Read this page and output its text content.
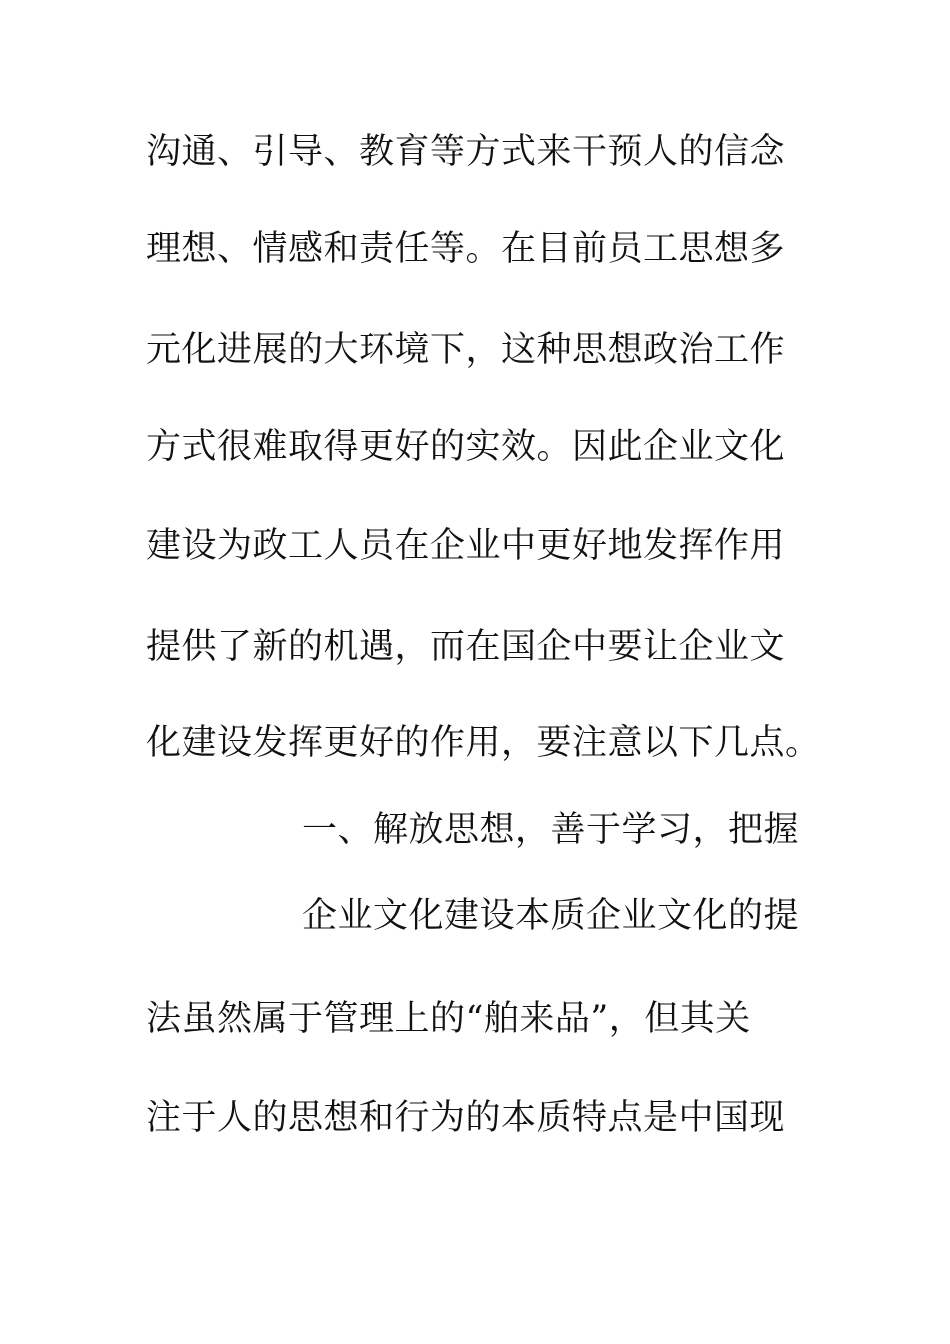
沟通、引导、教育等方式来干预人的信念
理想、情感和责任等。在目前员工思想多
元化进展的大环境下，这种思想政治工作
方式很难取得更好的实效。因此企业文化
建设为政工人员在企业中更好地发挥作用
提供了新的机遇，而在国企中要让企业文
化建设发挥更好的作用，要注意以下几点。
一、解放思想，善于学习，把握
企业文化建设本质企业文化的提
法虽然属于管理上的“舶来品”，但其关
注于人的思想和行为的本质特点是中国现
